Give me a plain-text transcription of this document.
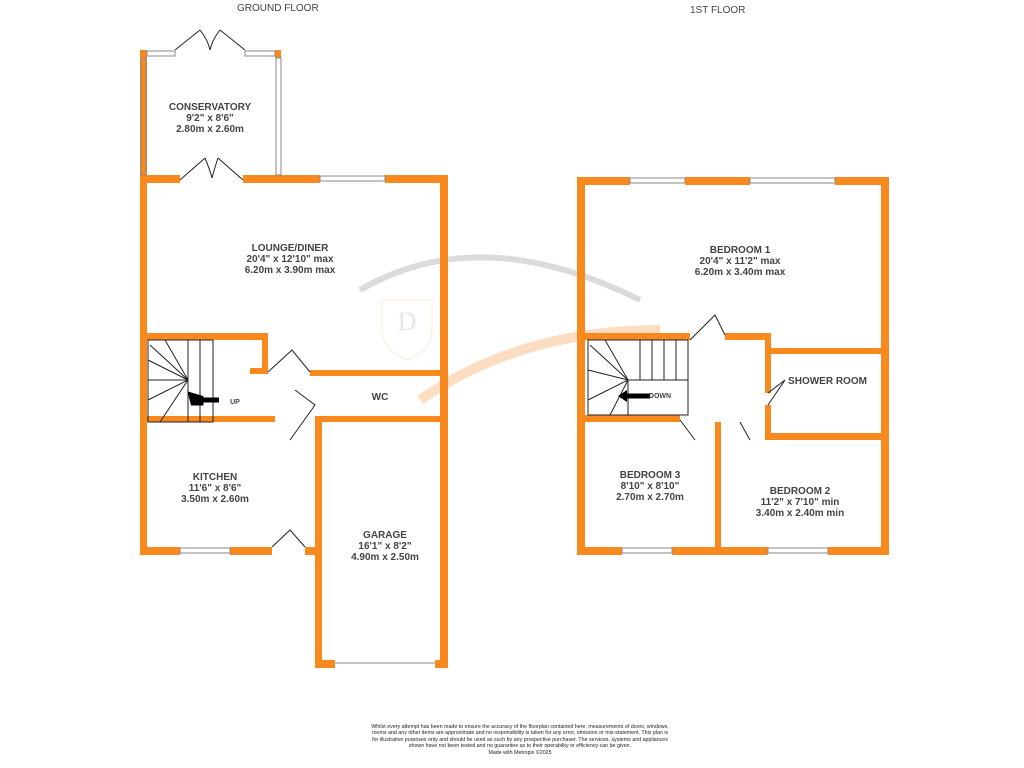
D
GROUND FLOOR	1ST FLOOR
CONSERVATORY
9'2" x 8'6"
2.80m x 2.60m
LOUNGE/DINER
20'4" x 12'10" max
6.20m x 3.90m max
WC
UP
KITCHEN
11'6" x 8'6"
3.50m x 2.60m
GARAGE
16'1" x 8'2"
4.90m x 2.50m
BEDROOM 1
20'4" x 11'2" max
6.20m x 3.40m max
SHOWER ROOM
DOWN
BEDROOM 3
8'10" x 8'10"
2.70m x 2.70m
BEDROOM 2
11'2" x 7'10" min
3.40m x 2.40m min
Whilst every attempt has been made to ensure the accuracy of the floorplan contained here, measurements of doors, windows, rooms and any other items are approximate and no responsibility is taken for any error, omission or mis-statement. This plan is for illustrative purposes only and should be used as such by any prospective purchaser. The services, systems and appliances shown have not been tested and no guarantee as to their operability or efficiency can be given.
Made with Metropix ©2025
